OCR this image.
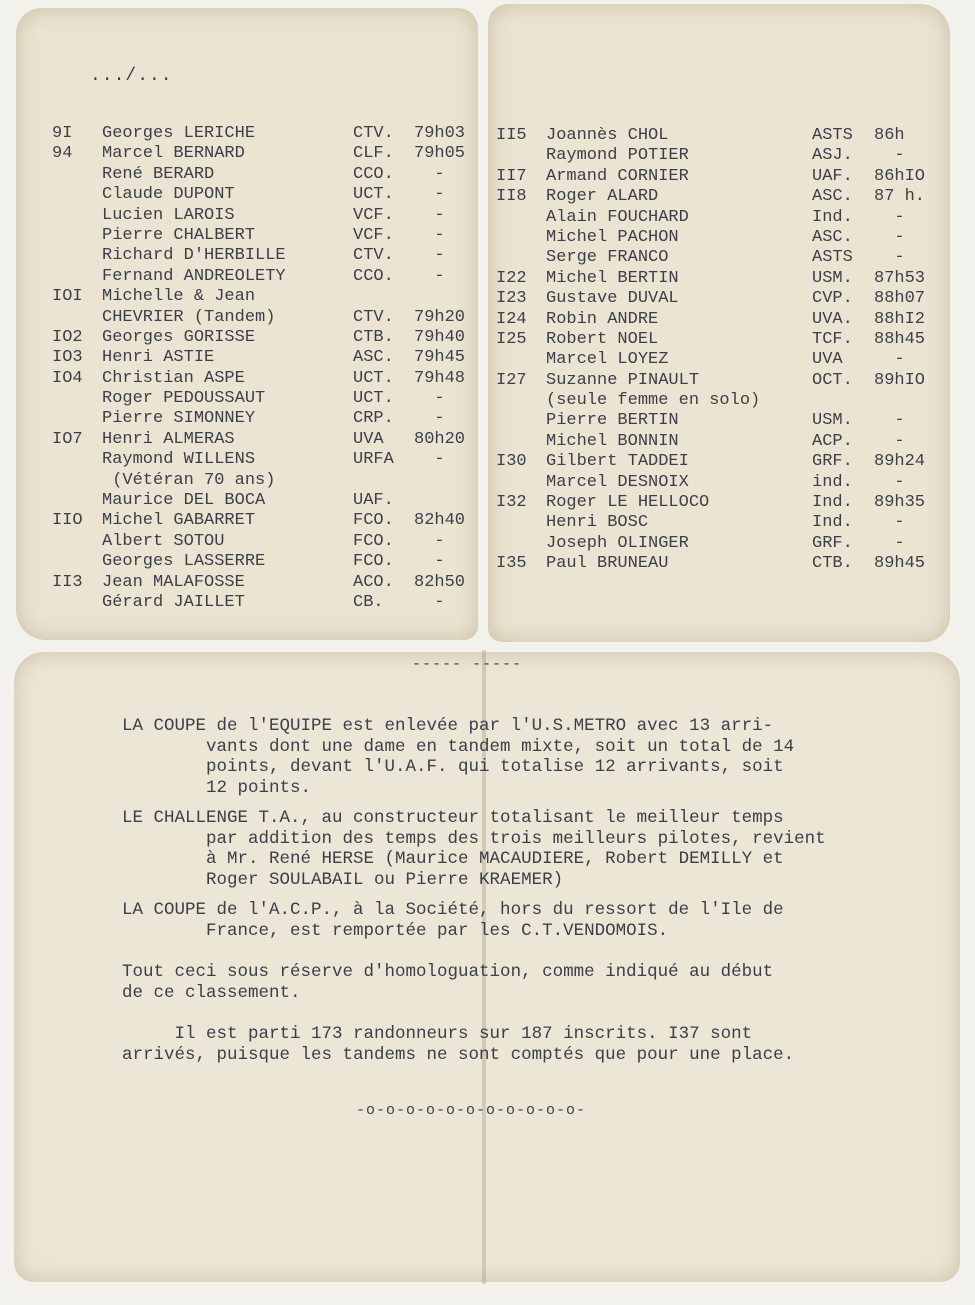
.../...
9I Georges LERICHE	CTV. 79h03
94 Marcel BERNARD	CLF. 79h05
René BERARD	CCO. -
Claude DUPONT	UCT. -
Lucien LAROIS	VCF. -
Pierre CHALBERT	VCF. -
Richard D'HERBILLE	CTV. -
Fernand ANDREOLETY	CCO. -
IOI Michelle & Jean
CHEVRIER (Tandem)	CTV. 79h20
IO2 Georges GORISSE	CTB. 79h40
IO3 Henri ASTIE	ASC. 79h45
IO4 Christian ASPE	UCT. 79h48
Roger PEDOUSSAUT	UCT. -
Pierre SIMONNEY	CRP. -
IO7 Henri ALMERAS	UVA 80h20
Raymond WILLENS	URFA -
(Vétéran 70 ans)
Maurice DEL BOCA	UAF.
IIO Michel GABARRET	FCO. 82h40
Albert SOTOU	FCO. -
Georges LASSERRE	FCO. -
II3 Jean MALAFOSSE	ACO. 82h50
Gérard JAILLET	CB. -
II5 Joannès CHOL	ASTS 86h
Raymond POTIER	ASJ. -
II7 Armand CORNIER	UAF. 86hIO
II8 Roger ALARD	ASC. 87 h.
Alain FOUCHARD	Ind. -
Michel PACHON	ASC. -
Serge FRANCO	ASTS -
I22 Michel BERTIN	USM. 87h53
I23 Gustave DUVAL	CVP. 88h07
I24 Robin ANDRE	UVA. 88hI2
I25 Robert NOEL	TCF. 88h45
Marcel LOYEZ	UVA -
I27 Suzanne PINAULT	OCT. 89hIO
(seule femme en solo)
Pierre BERTIN	USM. -
Michel BONNIN	ACP. -
I30 Gilbert TADDEI	GRF. 89h24
Marcel DESNOIX	ind. -
I32 Roger LE HELLOCO	Ind. 89h35
Henri BOSC	Ind. -
Joseph OLINGER	GRF. -
I35 Paul BRUNEAU	CTB. 89h45
----- -----
LA COUPE de l'EQUIPE est enlevée par l'U.S.METRO avec 13 arri-
vants dont une dame en tandem mixte, soit un total de 14
points, devant l'U.A.F. qui totalise 12 arrivants, soit
12 points.
LE CHALLENGE T.A., au constructeur totalisant le meilleur temps
par addition des temps des trois meilleurs pilotes, revient
à Mr. René HERSE (Maurice MACAUDIERE, Robert DEMILLY et
Roger SOULABAIL ou Pierre KRAEMER)
LA COUPE de l'A.C.P., à la Société, hors du ressort de l'Ile de
France, est remportée par les C.T.VENDOMOIS.
Tout ceci sous réserve d'homologuation, comme indiqué au début
de ce classement.
Il est parti 173 randonneurs sur 187 inscrits. I37 sont
arrivés, puisque les tandems ne sont comptés que pour une place.
-o-o-o-o-o-o-o-o-o-o-o-
